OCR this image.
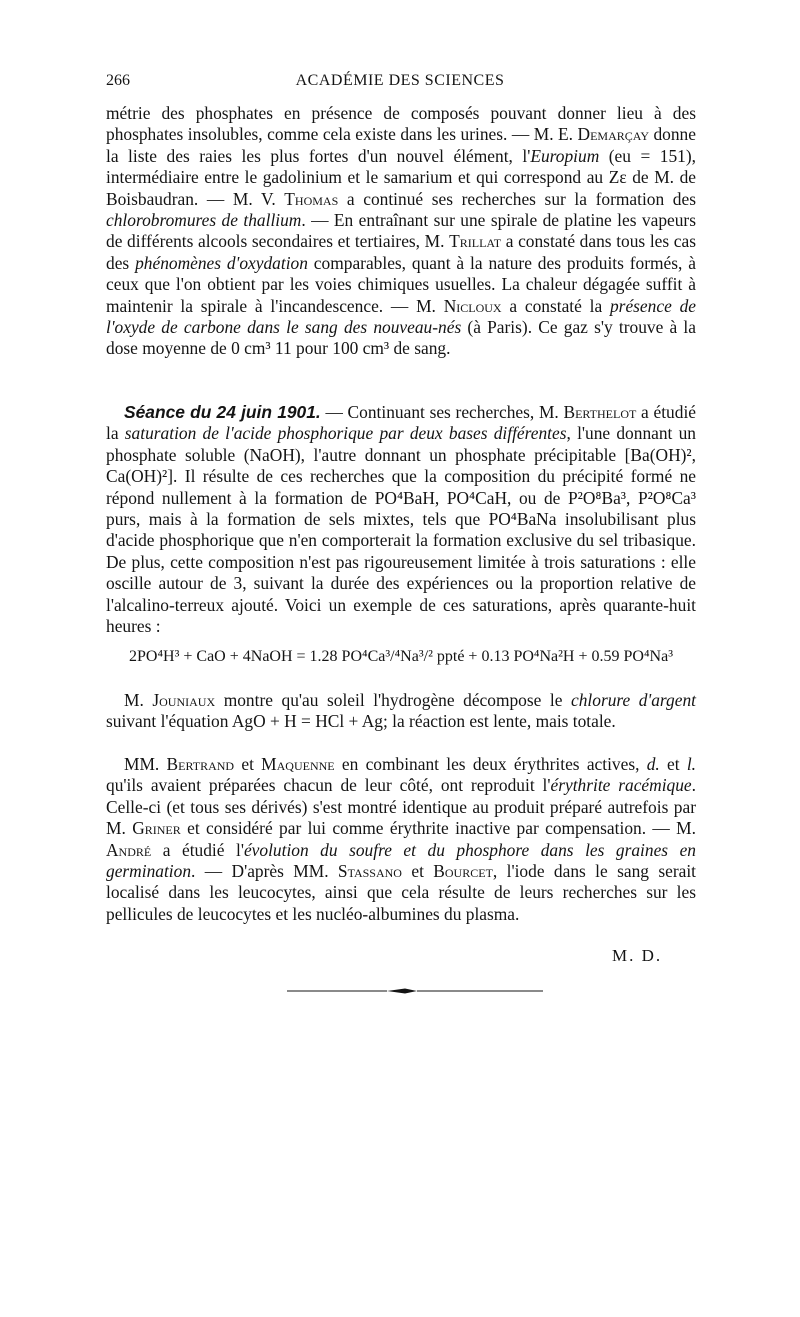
266	ACADÉMIE DES SCIENCES

métrie des phosphates en présence de composés pouvant donner lieu à des phosphates insolubles, comme cela existe dans les urines. — M. E. Demarçay donne la liste des raies les plus fortes d'un nouvel élément, l'Europium (eu = 151), intermédiaire entre le gadolinium et le samarium et qui correspond au Zε de M. de Boisbaudran. — M. V. Thomas a continué ses recherches sur la formation des chlorobromures de thallium. — En entraînant sur une spirale de platine les vapeurs de différents alcools secondaires et tertiaires, M. Trillat a constaté dans tous les cas des phénomènes d'oxydation comparables, quant à la nature des produits formés, à ceux que l'on obtient par les voies chimiques usuelles. La chaleur dégagée suffit à maintenir la spirale à l'incandescence. — M. Nicloux a constaté la présence de l'oxyde de carbone dans le sang des nouveau-nés (à Paris). Ce gaz s'y trouve à la dose moyenne de 0 cm³ 11 pour 100 cm³ de sang.

Séance du 24 juin 1901. — Continuant ses recherches, M. Berthelot a étudié la saturation de l'acide phosphorique par deux bases différentes, l'une donnant un phosphate soluble (NaOH), l'autre donnant un phosphate précipitable [Ba(OH)², Ca(OH)²]. Il résulte de ces recherches que la composition du précipité formé ne répond nullement à la formation de PO⁴BaH, PO⁴CaH, ou de P²O⁸Ba³, P²O⁸Ca³ purs, mais à la formation de sels mixtes, tels que PO⁴BaNa insolubilisant plus d'acide phosphorique que n'en comporterait la formation exclusive du sel tribasique. De plus, cette composition n'est pas rigoureusement limitée à trois saturations : elle oscille autour de 3, suivant la durée des expériences ou la proportion relative de l'alcalino-terreux ajouté. Voici un exemple de ces saturations, après quarante-huit heures :

2PO⁴H³ + CaO + 4NaOH = 1.28 PO⁴Ca³/⁴Na³/² ppté + 0.13 PO⁴Na²H + 0.59 PO⁴Na³

M. Jouniaux montre qu'au soleil l'hydrogène décompose le chlorure d'argent suivant l'équation AgO + H = HCl + Ag; la réaction est lente, mais totale.

MM. Bertrand et Maquenne en combinant les deux érythrites actives, d. et l. qu'ils avaient préparées chacun de leur côté, ont reproduit l'érythrite racémique. Celle-ci (et tous ses dérivés) s'est montré identique au produit préparé autrefois par M. Griner et considéré par lui comme érythrite inactive par compensation. — M. André a étudié l'évolution du soufre et du phosphore dans les graines en germination. — D'après MM. Stassano et Bourcet, l'iode dans le sang serait localisé dans les leucocytes, ainsi que cela résulte de leurs recherches sur les pellicules de leucocytes et les nucléo-albumines du plasma.

M. D.
